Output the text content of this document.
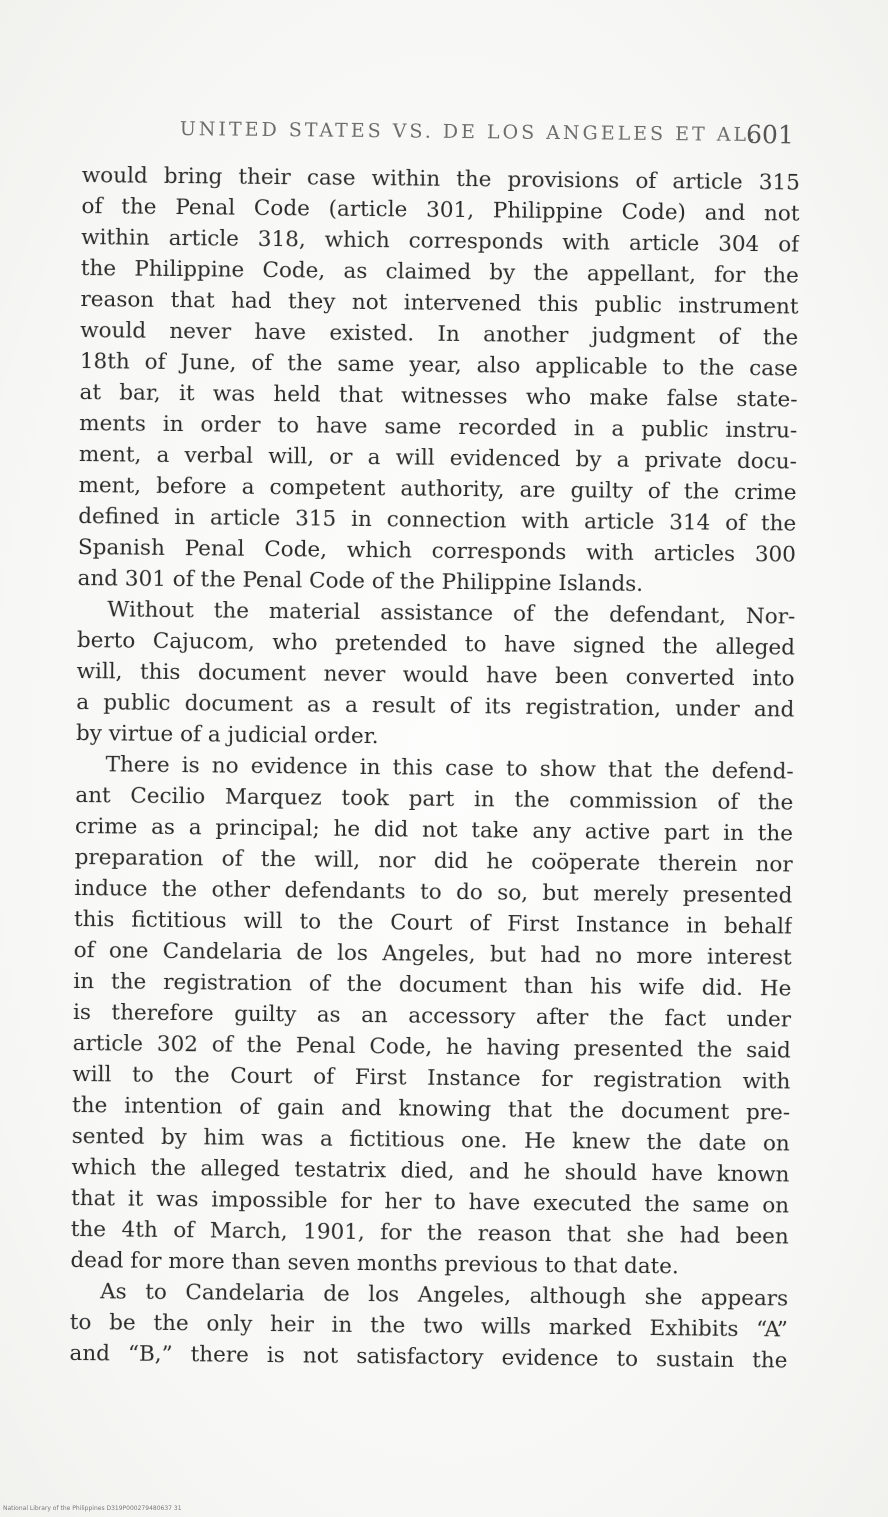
UNITED STATES VS. DE LOS ANGELES ET AL.
601
would bring their case within the provisions of article 315
of the Penal Code (article 301, Philippine Code) and not
within article 318, which corresponds with article 304 of
the Philippine Code, as claimed by the appellant, for the
reason that had they not intervened this public instrument
would never have existed. In another judgment of the
18th of June, of the same year, also applicable to the case
at bar, it was held that witnesses who make false state-
ments in order to have same recorded in a public instru-
ment, a verbal will, or a will evidenced by a private docu-
ment, before a competent authority, are guilty of the crime
defined in article 315 in connection with article 314 of the
Spanish Penal Code, which corresponds with articles 300
and 301 of the Penal Code of the Philippine Islands.
Without the material assistance of the defendant, Nor-
berto Cajucom, who pretended to have signed the alleged
will, this document never would have been converted into
a public document as a result of its registration, under and
by virtue of a judicial order.
There is no evidence in this case to show that the defend-
ant Cecilio Marquez took part in the commission of the
crime as a principal; he did not take any active part in the
preparation of the will, nor did he coöperate therein nor
induce the other defendants to do so, but merely presented
this fictitious will to the Court of First Instance in behalf
of one Candelaria de los Angeles, but had no more interest
in the registration of the document than his wife did. He
is therefore guilty as an accessory after the fact under
article 302 of the Penal Code, he having presented the said
will to the Court of First Instance for registration with
the intention of gain and knowing that the document pre-
sented by him was a fictitious one. He knew the date on
which the alleged testatrix died, and he should have known
that it was impossible for her to have executed the same on
the 4th of March, 1901, for the reason that she had been
dead for more than seven months previous to that date.
As to Candelaria de los Angeles, although she appears
to be the only heir in the two wills marked Exhibits “A”
and “B,” there is not satisfactory evidence to sustain the
National Library of the Philippines D319P000279480637 31
